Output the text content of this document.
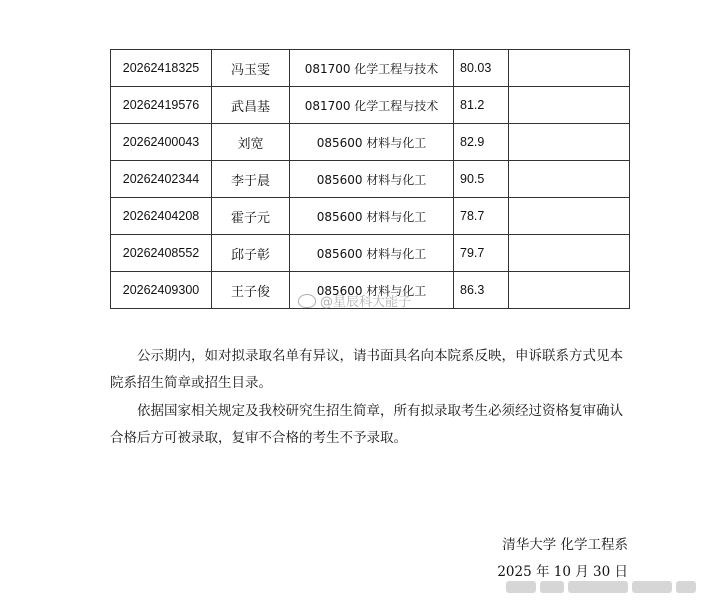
20262418325	冯玉雯	081700 化学工程与技术	80.03	
20262419576	武昌基	081700 化学工程与技术	81.2	
20262400043	刘宽	085600 材料与化工	82.9	
20262402344	李于晨	085600 材料与化工	90.5	
20262404208	霍子元	085600 材料与化工	78.7	
20262408552	邱子彰	085600 材料与化工	79.7	
20262409300	王子俊	085600 材料与化工	86.3	
@星辰科大能子

公示期内，如对拟录取名单有异议，请书面具名向本院系反映，申诉联系方式见本院系招生简章或招生目录。

依据国家相关规定及我校研究生招生简章，所有拟录取考生必须经过资格复审确认合格后方可被录取，复审不合格的考生不予录取。

清华大学 化学工程系

2025 年 10 月 30 日
